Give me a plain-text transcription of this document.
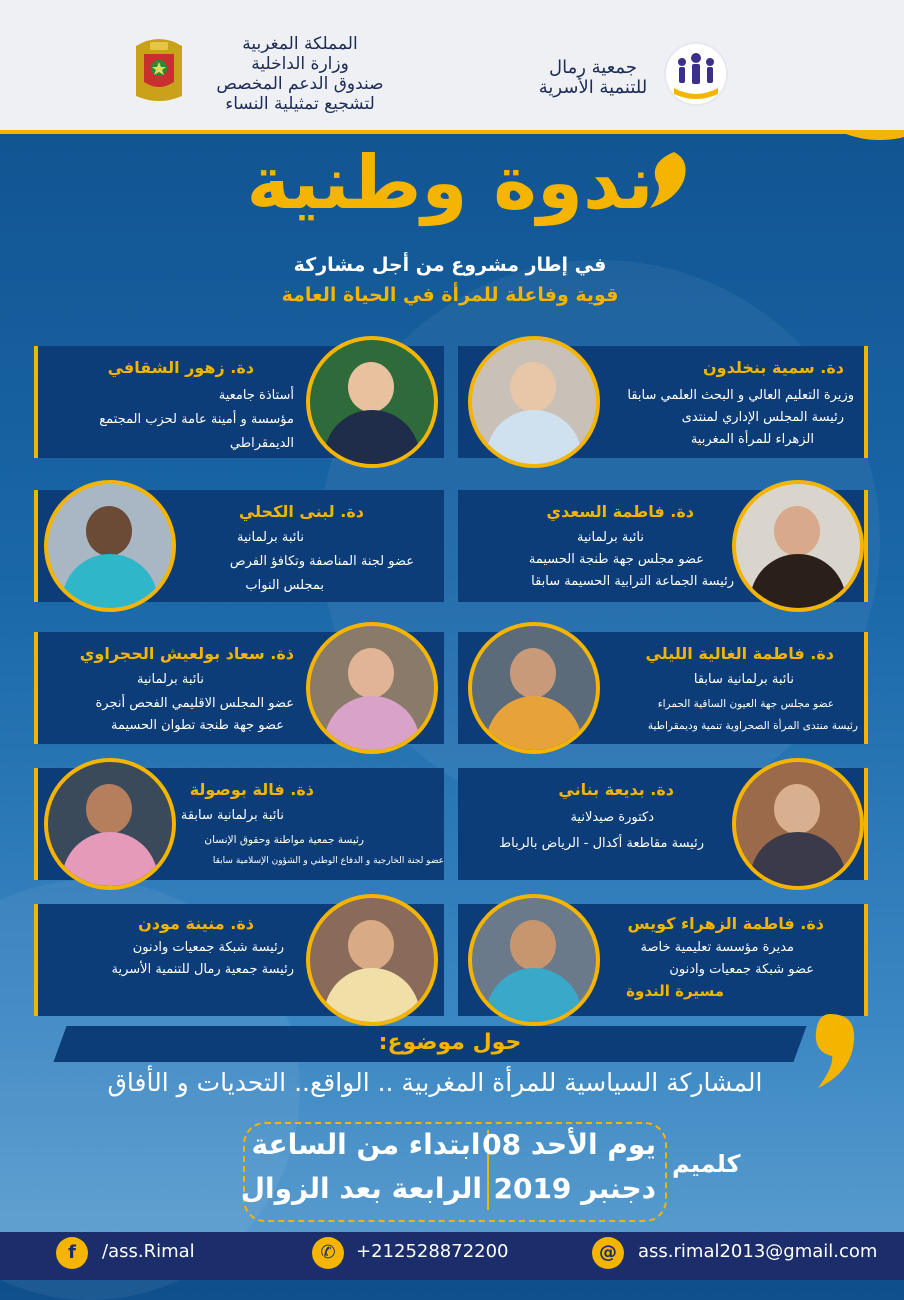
المملكة المغربية
وزارة الداخلية
صندوق الدعم المخصص
لتشجيع تمثيلية النساء
جمعية رمال
للتنمية الأسرية
ندوة وطنية
في إطار مشروع من أجل مشاركة
قوية وفاعلة للمرأة في الحياة العامة
دة. سمية بنخلدون
وزيرة التعليم العالي و البحث العلمي سابقا
رئيسة المجلس الإداري لمنتدى
الزهراء للمرأة المغربية
دة. زهور الشقافي
أستاذة جامعية
مؤسسة و أمينة عامة لحزب المجتمع
الديمقراطي
دة. فاطمة السعدي
نائبة برلمانية
عضو مجلس جهة طنجة الحسيمة
رئيسة الجماعة الترابية الحسيمة سابقا
دة. لبنى الكحلي
نائبة برلمانية
عضو لجنة المناصفة وتكافؤ الفرص
بمجلس النواب
دة. فاطمة الغالية الليلي
نائبة برلمانية سابقا
عضو مجلس جهة العيون الساقية الحمراء
رئيسة منتدى المرأة الصحراوية تنمية وديمقراطية
ذة. سعاد بولعيش الحجراوي
نائبة برلمانية
عضو المجلس الاقليمي الفحص أنجرة
عضو جهة طنجة تطوان الحسيمة
دة. بديعة بناني
دكتورة صيدلانية
رئيسة مقاطعة أكدال - الرياض بالرباط
ذة. فالة بوصولة
نائبة برلمانية سابقة
رئيسة جمعية مواطنة وحقوق الإنسان
عضو لجنة الخارجية و الدفاع الوطني و الشؤون الإسلامية سابقا
ذة. فاطمة الزهراء كويس
مديرة مؤسسة تعليمية خاصة
عضو شبكة جمعيات وادنون
مسيرة الندوة
ذة. منينة مودن
رئيسة شبكة جمعيات وادنون
رئيسة جمعية رمال للتنمية الأسرية
حول موضوع:
المشاركة السياسية للمرأة المغربية .. الواقع.. التحديات و الأفاق
يوم الأحد 08
دجنبر 2019
ابتداء من الساعة
الرابعة بعد الزوال
كلميم
f	/ass.Rimal	✆	+212528872200	@	ass.rimal2013@gmail.com
